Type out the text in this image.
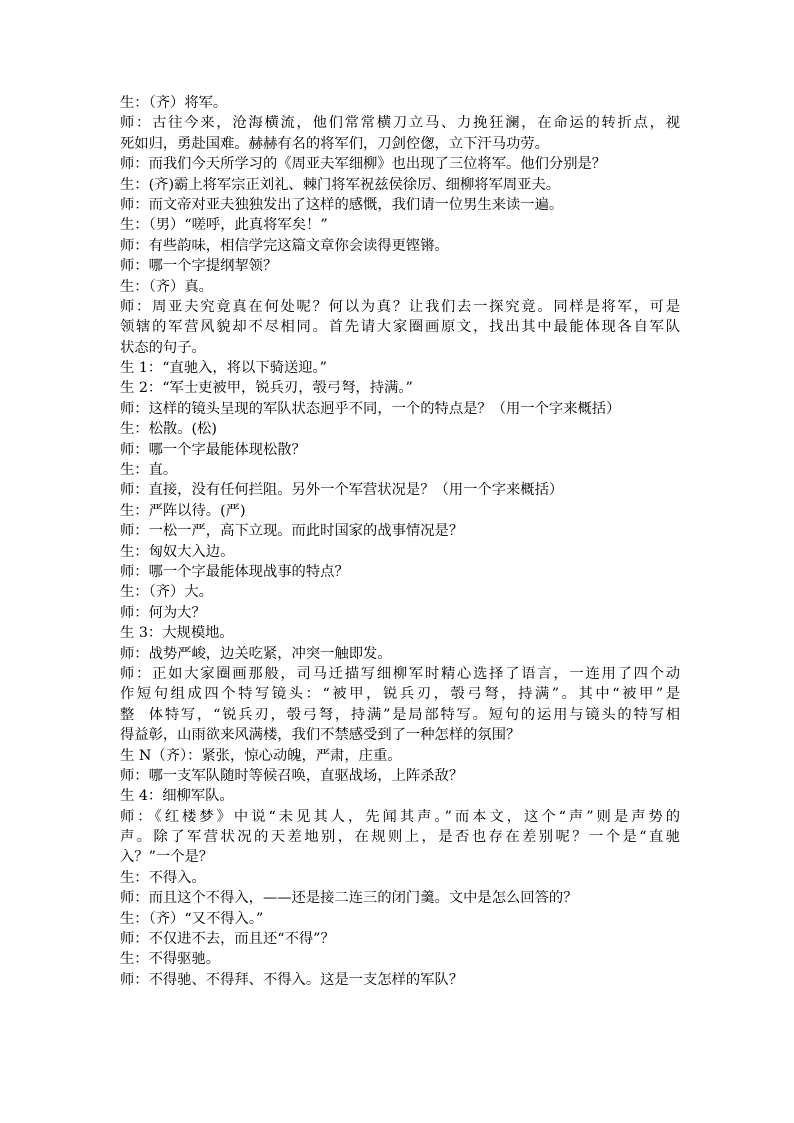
生：（齐）将军。
师：古往今来，沧海横流，他们常常横刀立马、力挽狂澜，在命运的转折点，视
死如归，勇赴国难。赫赫有名的将军们，刀剑倥偬，立下汗马功劳。
师：而我们今天所学习的《周亚夫军细柳》也出现了三位将军。他们分别是？
生：(齐)霸上将军宗正刘礼、棘门将军祝兹侯徐厉、细柳将军周亚夫。
师：而文帝对亚夫独独发出了这样的感慨，我们请一位男生来读一遍。
生：（男）“嗟呼，此真将军矣！”
师：有些韵味，相信学完这篇文章你会读得更铿锵。
师：哪一个字提纲挈领？
生：（齐）真。
师：周亚夫究竟真在何处呢？何以为真？让我们去一探究竟。同样是将军，可是
领辖的军营风貌却不尽相同。首先请大家圈画原文，找出其中最能体现各自军队
状态的句子。
生 1：“直驰入，将以下骑送迎。”
生 2：“军士吏被甲，锐兵刃，彀弓弩，持满。”
师：这样的镜头呈现的军队状态迥乎不同，一个的特点是？（用一个字来概括）
生：松散。(松)
师：哪一个字最能体现松散？
生：直。
师：直接，没有任何拦阻。另外一个军营状况是？（用一个字来概括）
生：严阵以待。(严)
师：一松一严，高下立现。而此时国家的战事情况是？
生：匈奴大入边。
师：哪一个字最能体现战事的特点？
生：（齐）大。
师：何为大？
生 3：大规模地。
师：战势严峻，边关吃紧，冲突一触即发。
师：正如大家圈画那般，司马迁描写细柳军时精心选择了语言，一连用了四个动
作短句组成四个特写镜头：“被甲，锐兵刃，彀弓弩，持满”。其中“被甲”是
整  体特写，“锐兵刃，彀弓弩，持满”是局部特写。短句的运用与镜头的特写相
得益彰，山雨欲来风满楼，我们不禁感受到了一种怎样的氛围？
生 N（齐）：紧张，惊心动魄，严肃，庄重。
师：哪一支军队随时等候召唤，直驱战场，上阵杀敌？
生 4：细柳军队。
师：《红楼梦》中说“未见其人，先闻其声。”而本文，这个“声”则是声势的
声。除了军营状况的天差地别，在规则上，是否也存在差别呢？一个是“直驰
入？”一个是？
生：不得入。
师：而且这个不得入，——还是接二连三的闭门羹。文中是怎么回答的？
生：（齐）“又不得入。”
师：不仅进不去，而且还“不得”？
生：不得驱驰。
师：不得驰、不得拜、不得入。这是一支怎样的军队？
